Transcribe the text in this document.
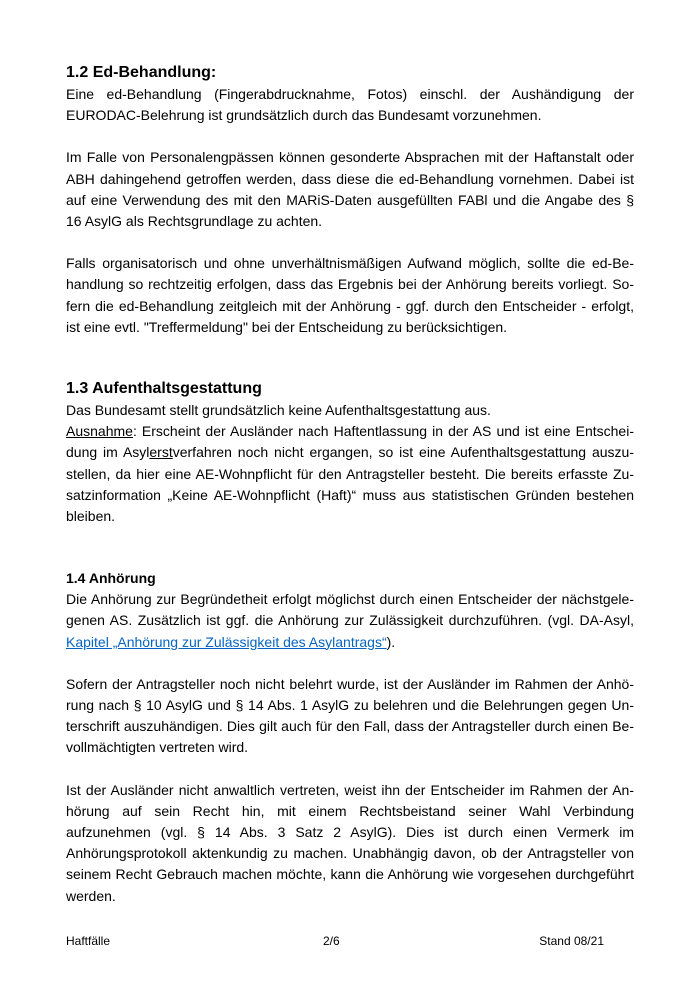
1.2 Ed-Behandlung:

Eine ed-Behandlung (Fingerabdrucknahme, Fotos) einschl. der Aushändigung der EURODAC-Belehrung ist grundsätzlich durch das Bundesamt vorzunehmen.

Im Falle von Personalengpässen können gesonderte Absprachen mit der Haftanstalt oder ABH dahingehend getroffen werden, dass diese die ed-Behandlung vornehmen. Dabei ist auf eine Verwendung des mit den MARiS-Daten ausgefüllten FABl und die Angabe des § 16 AsylG als Rechtsgrundlage zu achten.

Falls organisatorisch und ohne unverhältnismäßigen Aufwand möglich, sollte die ed-Behandlung so rechtzeitig erfolgen, dass das Ergebnis bei der Anhörung bereits vorliegt. Sofern die ed-Behandlung zeitgleich mit der Anhörung - ggf. durch den Entscheider - erfolgt, ist eine evtl. "Treffermeldung" bei der Entscheidung zu berücksichtigen.

1.3 Aufenthaltsgestattung

Das Bundesamt stellt grundsätzlich keine Aufenthaltsgestattung aus.

Ausnahme: Erscheint der Ausländer nach Haftentlassung in der AS und ist eine Entscheidung im Asylerstverfahren noch nicht ergangen, so ist eine Aufenthaltsgestattung auszustellen, da hier eine AE-Wohnpflicht für den Antragsteller besteht. Die bereits erfasste Zusatzinformation „Keine AE-Wohnpflicht (Haft)“ muss aus statistischen Gründen bestehen bleiben.

1.4 Anhörung

Die Anhörung zur Begründetheit erfolgt möglichst durch einen Entscheider der nächstgelegenen AS. Zusätzlich ist ggf. die Anhörung zur Zulässigkeit durchzuführen. (vgl. DA-Asyl, Kapitel „Anhörung zur Zulässigkeit des Asylantrags“).

Sofern der Antragsteller noch nicht belehrt wurde, ist der Ausländer im Rahmen der Anhörung nach § 10 AsylG und § 14 Abs. 1 AsylG zu belehren und die Belehrungen gegen Unterschrift auszuhändigen. Dies gilt auch für den Fall, dass der Antragsteller durch einen Bevollmächtigten vertreten wird.

Ist der Ausländer nicht anwaltlich vertreten, weist ihn der Entscheider im Rahmen der Anhörung auf sein Recht hin, mit einem Rechtsbeistand seiner Wahl Verbindung aufzunehmen (vgl. § 14 Abs. 3 Satz 2 AsylG). Dies ist durch einen Vermerk im Anhörungsprotokoll aktenkundig zu machen. Unabhängig davon, ob der Antragsteller von seinem Recht Gebrauch machen möchte, kann die Anhörung wie vorgesehen durchgeführt werden.

Haftfälle	2/6	Stand 08/21
